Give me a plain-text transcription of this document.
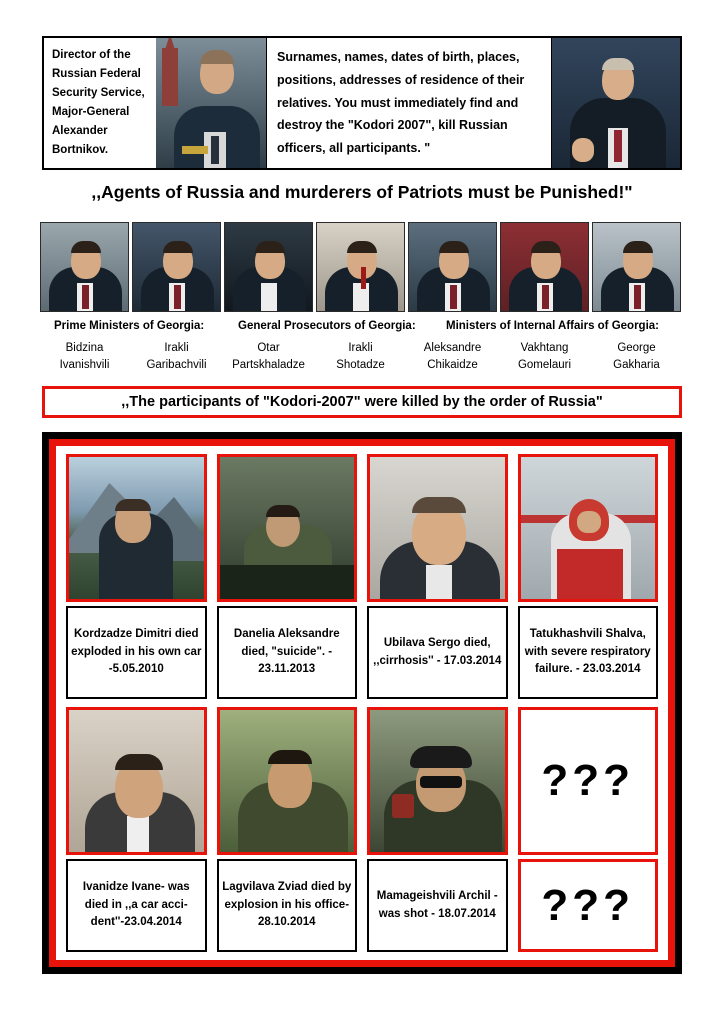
Director of the Russian Federal Security Service, Major-General Alexander Bortnikov.
Surnames, names, dates of birth, places, positions, addresses of residence of their relatives. You must immediately find and destroy the "Kodori 2007", kill Russian officers, all participants. "
,,Agents of Russia and murderers of Patriots must be Punished!"
Prime Ministers of Georgia:	General Prosecutors of Georgia:	Ministers of Internal Affairs of Georgia:
Bidzina
Ivanishvili
Irakli
Garibachvili
Otar
Partskhaladze
Irakli
Shotadze
Aleksandre
Chikaidze
Vakhtang
Gomelauri
George
Gakharia
,,The participants of "Kodori-2007" were killed by the order of Russia"
Kordzadze Dimitri died exploded in his own car -5.05.2010
Danelia Aleksandre died, "suicide". - 23.11.2013
Ubilava Sergo died, ,,cirrhosis'' - 17.03.2014
Tatukhashvili Shalva, with severe respiratory failure. - 23.03.2014
Ivanidze Ivane- was died in ,,a car acci-dent''-23.04.2014
Lagvilava Zviad died by explosion in his office-28.10.2014
Mamageishvili Archil - was shot - 18.07.2014
???
???
